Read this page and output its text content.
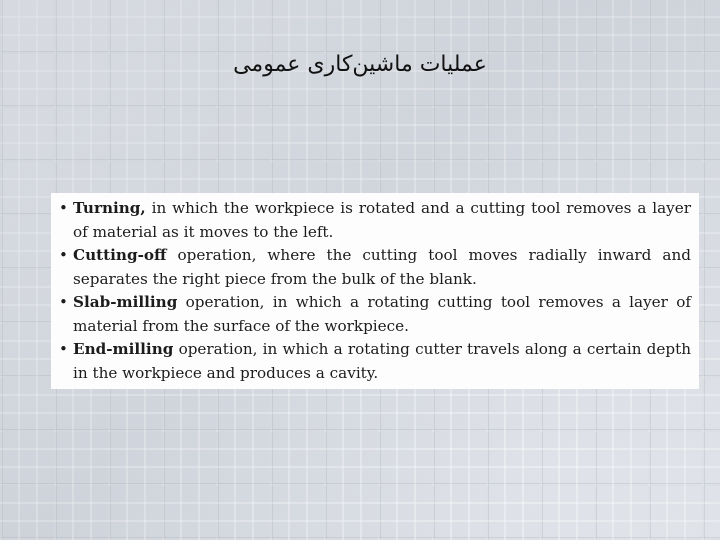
عملیات ماشین‌کاری عمومی
• Turning, in which the workpiece is rotated and a cutting tool removes a layer of material as it moves to the left.
• Cutting-off operation, where the cutting tool moves radially inward and separates the right piece from the bulk of the blank.
• Slab-milling operation, in which a rotating cutting tool removes a layer of material from the surface of the workpiece.
• End-milling operation, in which a rotating cutter travels along a certain depth in the workpiece and produces a cavity.
